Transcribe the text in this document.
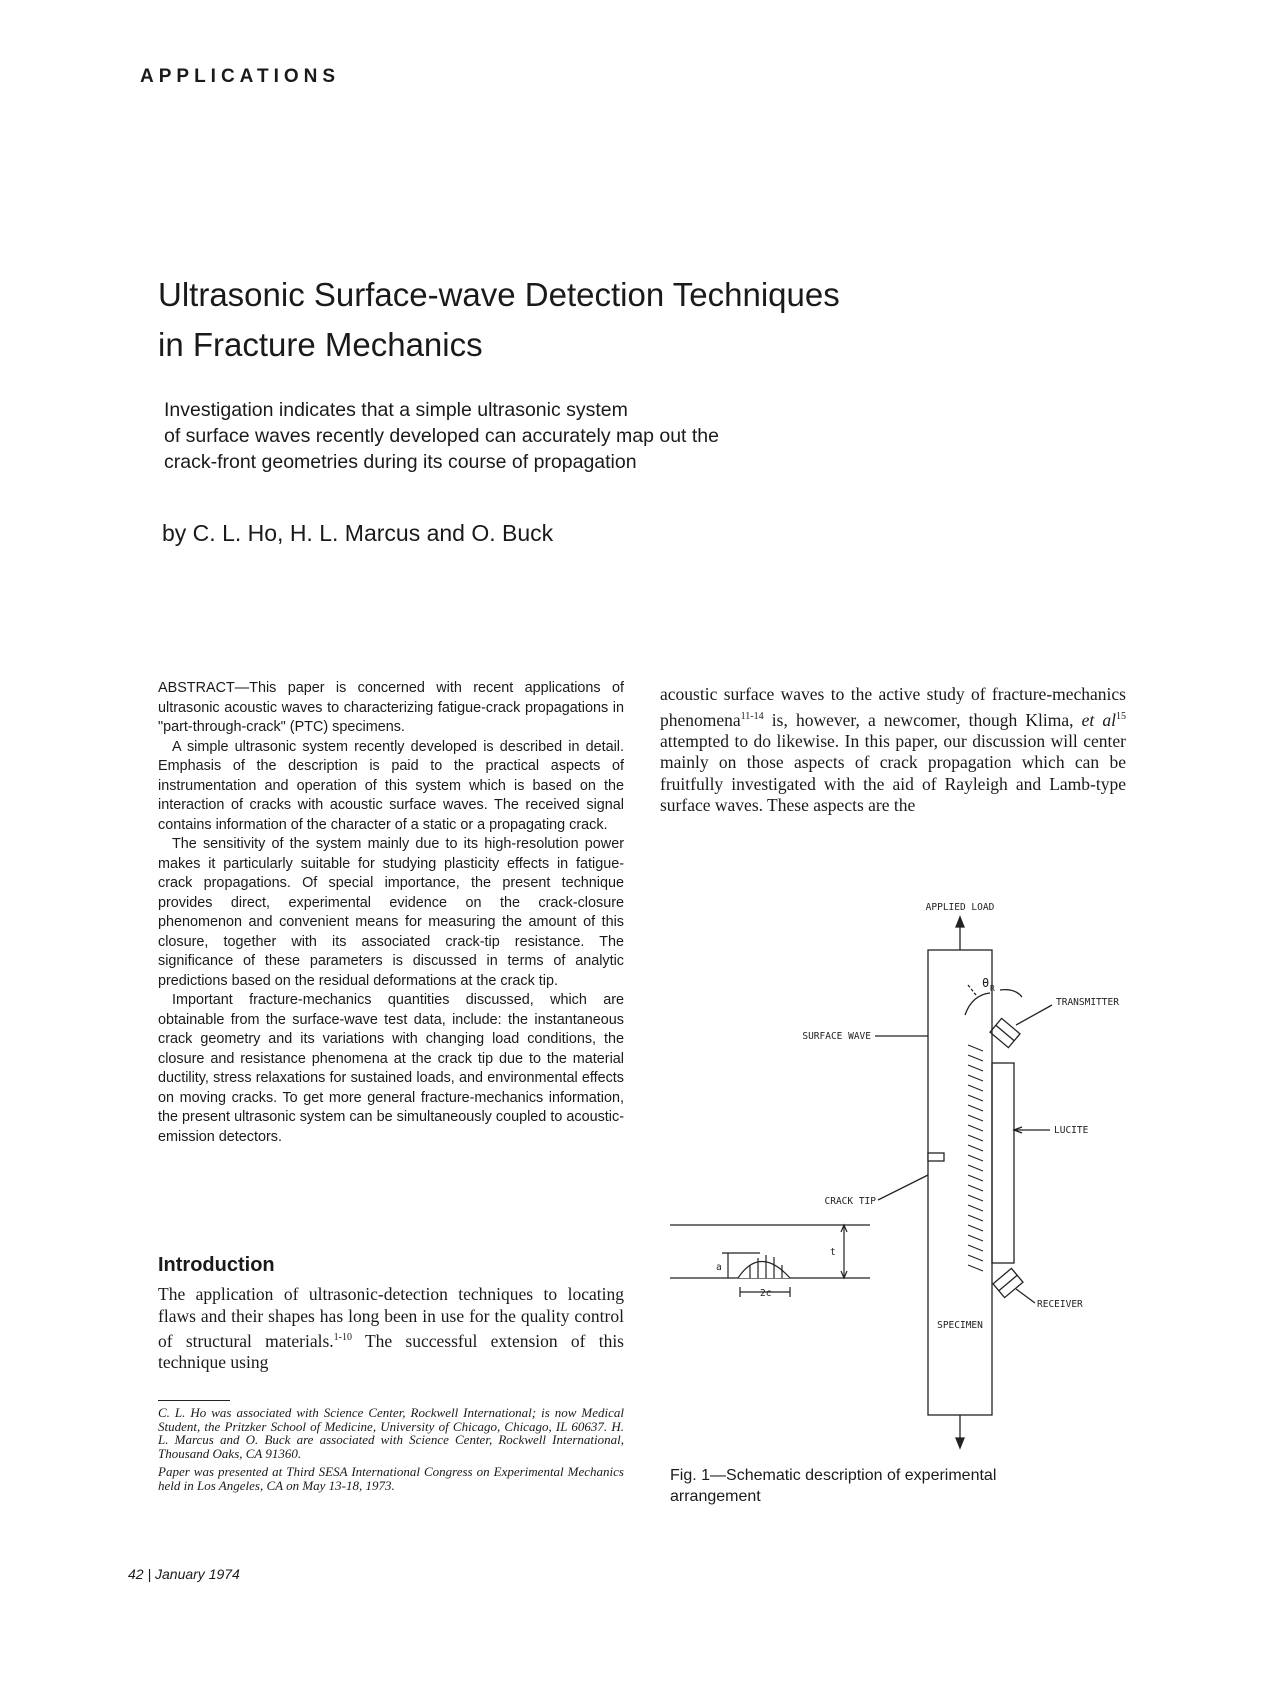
APPLICATIONS
Ultrasonic Surface-wave Detection Techniques
in Fracture Mechanics
Investigation indicates that a simple ultrasonic system
of surface waves recently developed can accurately map out the
crack-front geometries during its course of propagation
by C. L. Ho, H. L. Marcus and O. Buck

ABSTRACT—This paper is concerned with recent applications of ultrasonic acoustic waves to characterizing fatigue-crack propagations in "part-through-crack" (PTC) specimens.

A simple ultrasonic system recently developed is described in detail. Emphasis of the description is paid to the practical aspects of instrumentation and operation of this system which is based on the interaction of cracks with acoustic surface waves. The received signal contains information of the character of a static or a propagating crack.

The sensitivity of the system mainly due to its high-resolution power makes it particularly suitable for studying plasticity effects in fatigue-crack propagations. Of special importance, the present technique provides direct, experimental evidence on the crack-closure phenomenon and convenient means for measuring the amount of this closure, together with its associated crack-tip resistance. The significance of these parameters is discussed in terms of analytic predictions based on the residual deformations at the crack tip.

Important fracture-mechanics quantities discussed, which are obtainable from the surface-wave test data, include: the instantaneous crack geometry and its variations with changing load conditions, the closure and resistance phenomena at the crack tip due to the material ductility, stress relaxations for sustained loads, and environmental effects on moving cracks. To get more general fracture-mechanics information, the present ultrasonic system can be simultaneously coupled to acoustic-emission detectors.

Introduction

The application of ultrasonic-detection techniques to locating flaws and their shapes has long been in use for the quality control of structural materials.$^{1-10}$ The successful extension of this technique using

C. L. Ho was associated with Science Center, Rockwell International; is now Medical Student, the Pritzker School of Medicine, University of Chicago, Chicago, IL 60637. H. L. Marcus and O. Buck are associated with Science Center, Rockwell International, Thousand Oaks, CA 91360.

Paper was presented at Third SESA International Congress on Experimental Mechanics held in Los Angeles, CA on May 13-18, 1973.

acoustic surface waves to the active study of fracture-mechanics phenomena$^{11-14}$ is, however, a newcomer, though Klima, et $al^{15}$ attempted to do likewise. In this paper, our discussion will center mainly on those aspects of crack propagation which can be fruitfully investigated with the aid of Rayleigh and Lamb-type surface waves. These aspects are the

APPLIED LOAD
θ R
TRANSMITTER
SURFACE WAVE
LUCITE
CRACK TIP
RECEIVER
SPECIMEN
a
t
2c
Fig. 1—Schematic description of experimental arrangement
42 | January 1974
